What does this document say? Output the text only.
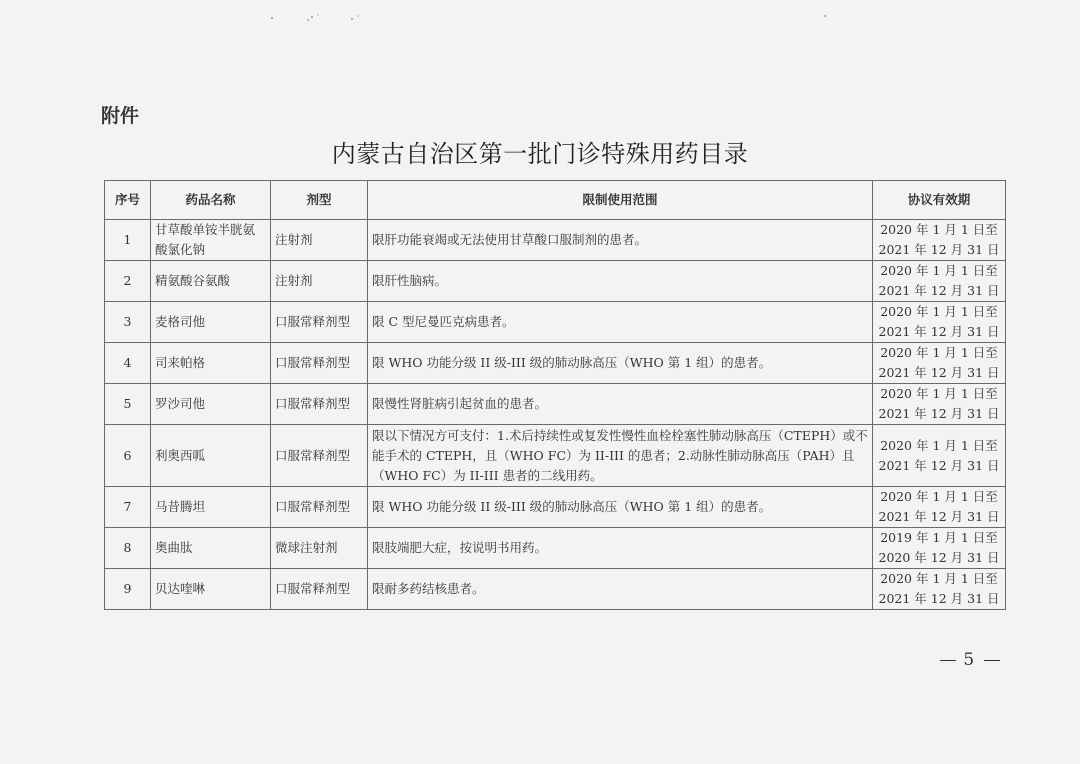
附件
内蒙古自治区第一批门诊特殊用药目录
序号	药品名称	剂型	限制使用范围	协议有效期
1	甘草酸单铵半胱氨酸氯化钠	注射剂	限肝功能衰竭或无法使用甘草酸口服制剂的患者。	2020 年 1 月 1 日至
2021 年 12 月 31 日

2	精氨酸谷氨酸	注射剂	限肝性脑病。	2020 年 1 月 1 日至
2021 年 12 月 31 日

3	麦格司他	口服常释剂型	限 C 型尼曼匹克病患者。	2020 年 1 月 1 日至
2021 年 12 月 31 日

4	司来帕格	口服常释剂型	限 WHO 功能分级 II 级-III 级的肺动脉高压（WHO 第 1 组）的患者。	2020 年 1 月 1 日至
2021 年 12 月 31 日

5	罗沙司他	口服常释剂型	限慢性肾脏病引起贫血的患者。	2020 年 1 月 1 日至
2021 年 12 月 31 日

6	利奥西呱	口服常释剂型	限以下情况方可支付：1.术后持续性或复发性慢性血栓栓塞性肺动脉高压（CTEPH）或不能手术的 CTEPH，且（WHO FC）为 II-III 的患者；2.动脉性肺动脉高压（PAH）且（WHO FC）为 II-III 患者的二线用药。	2020 年 1 月 1 日至
2021 年 12 月 31 日

7	马昔腾坦	口服常释剂型	限 WHO 功能分级 II 级-III 级的肺动脉高压（WHO 第 1 组）的患者。	2020 年 1 月 1 日至
2021 年 12 月 31 日

8	奥曲肽	微球注射剂	限肢端肥大症，按说明书用药。	2019 年 1 月 1 日至
2020 年 12 月 31 日

9	贝达喹啉	口服常释剂型	限耐多药结核患者。	2020 年 1 月 1 日至
2021 年 12 月 31 日
5
